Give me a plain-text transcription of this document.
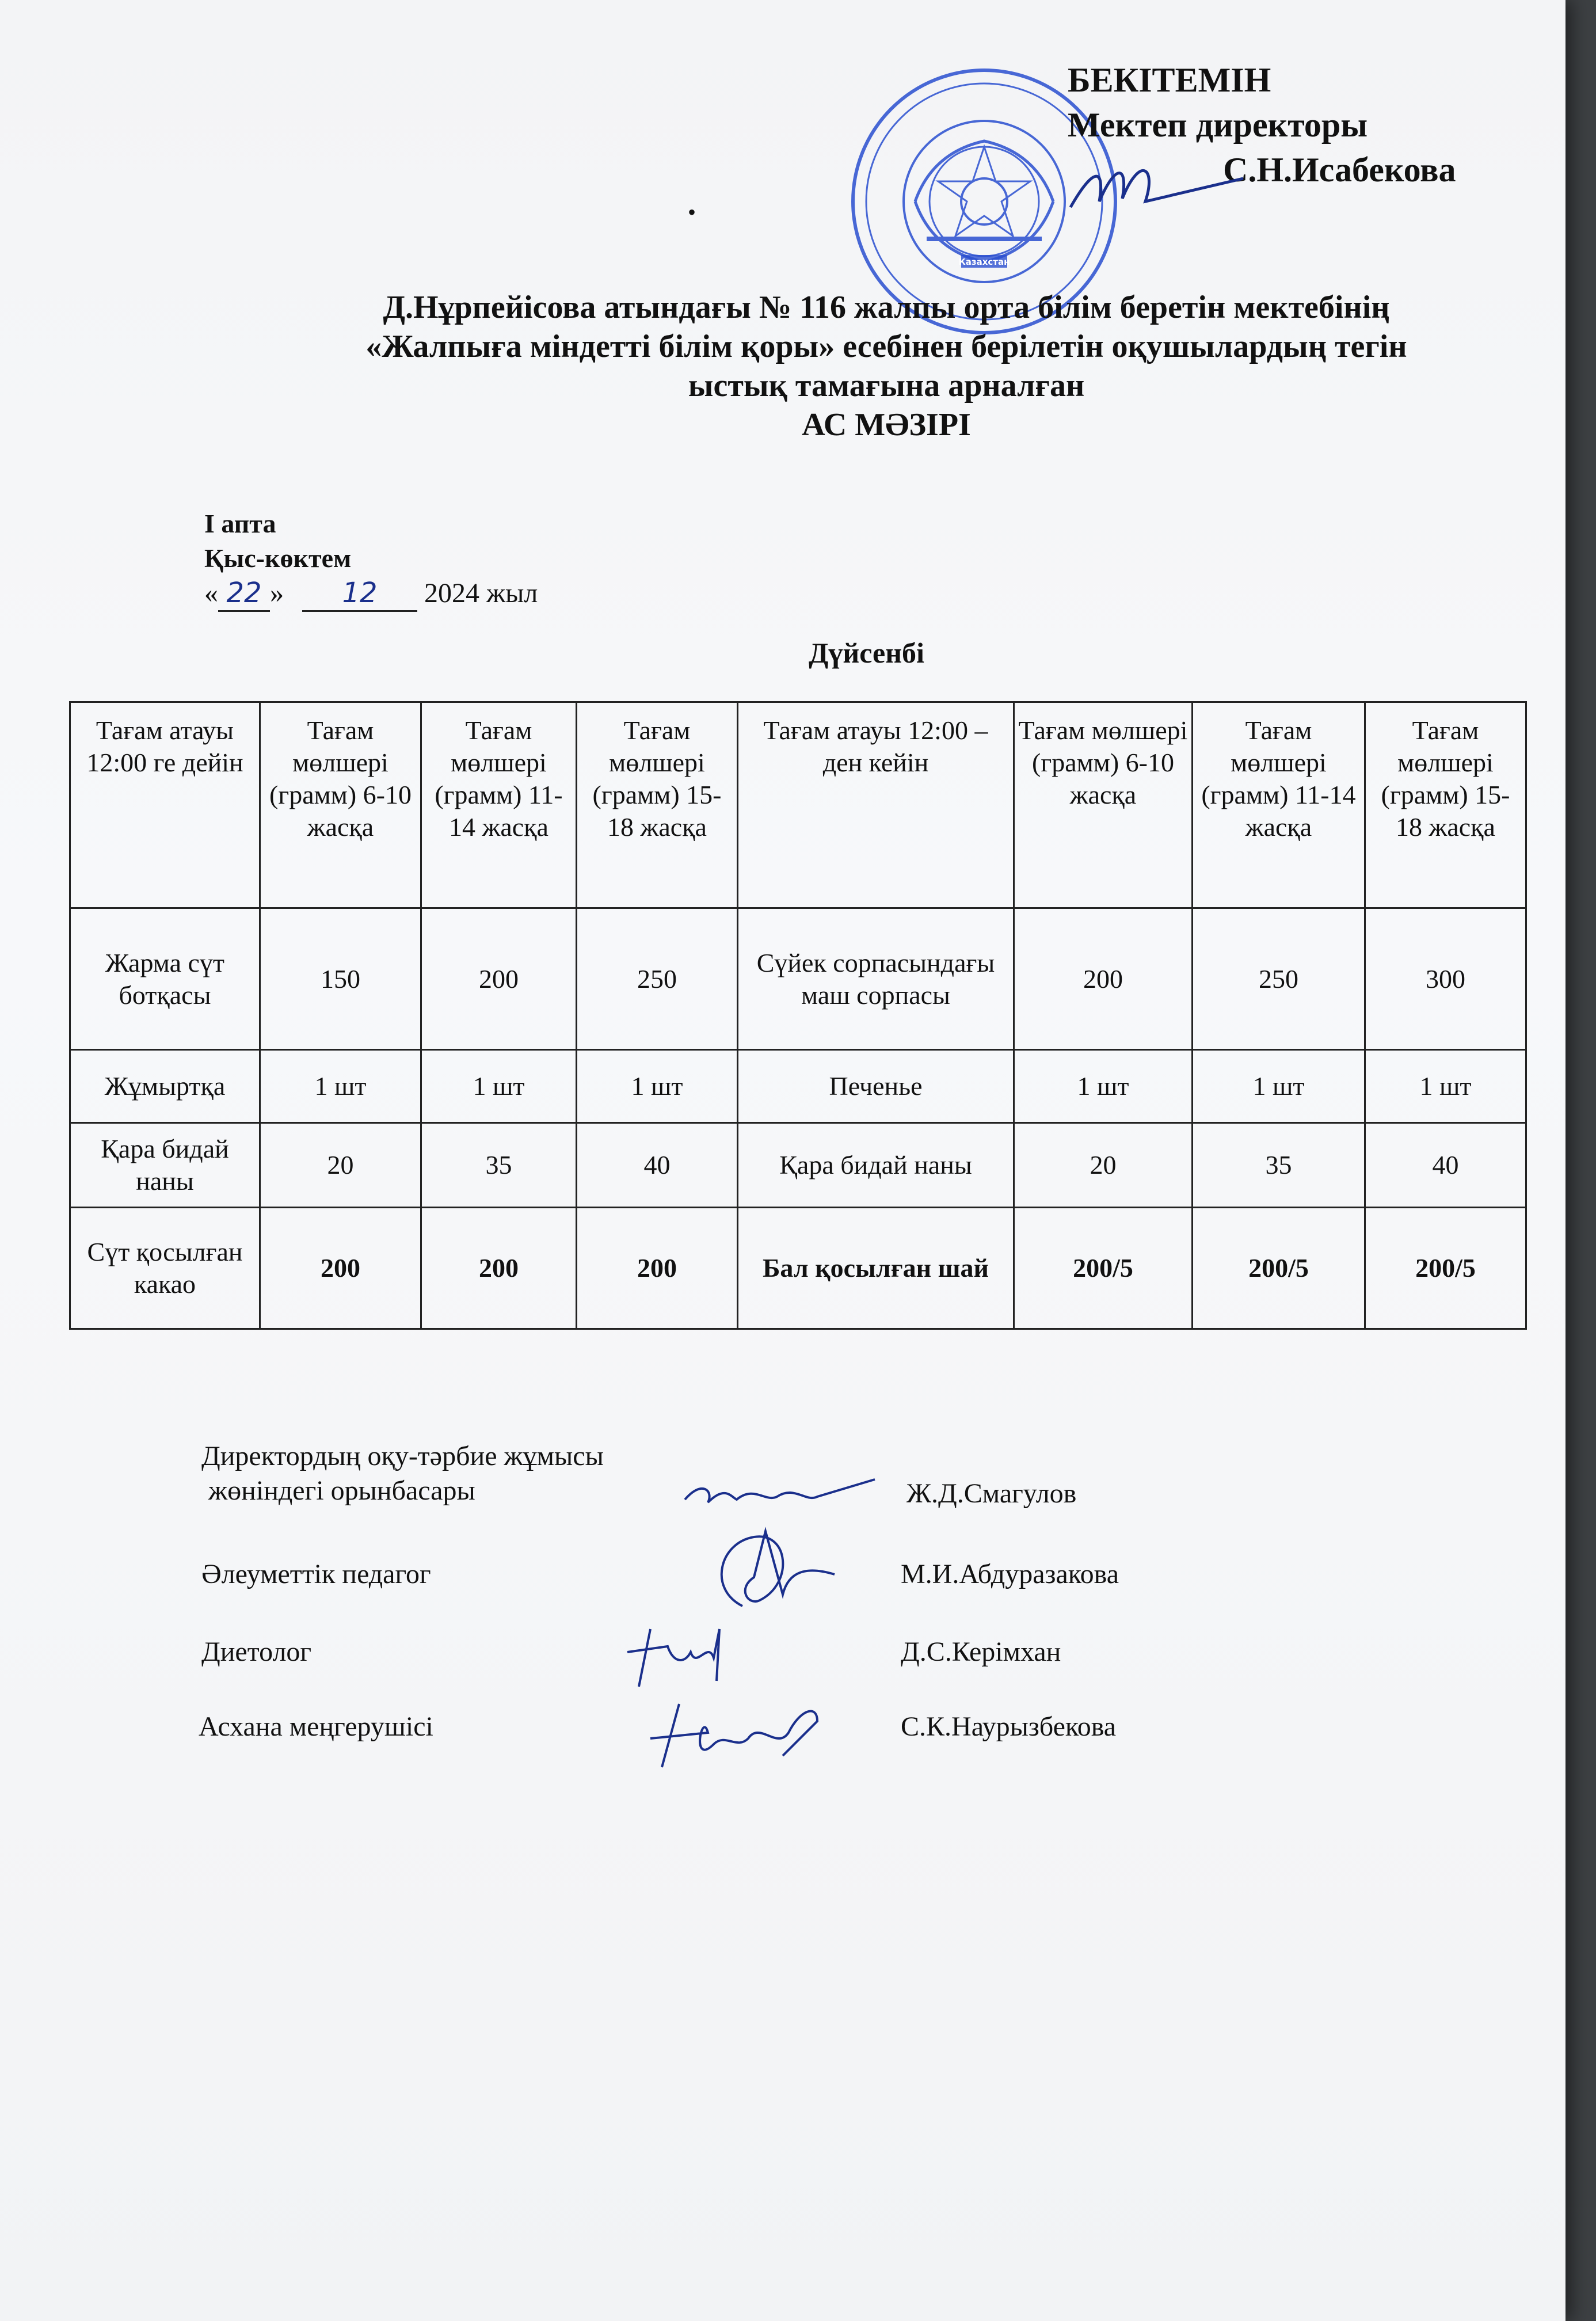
Казахстан
БЕКІТЕМІН
Мектеп директоры
С.Н.Исабекова
•
Д.Нұрпейісова атындағы № 116 жалпы орта білім беретін мектебінің
«Жалпыға міндетті білім қоры» есебінен берілетін оқушылардың тегін
ыстық тамағына арналған
АС МӘЗІРІ
І апта
Қыс-көктем
« 22 » 12 2024 жыл
Дүйсенбі
Тағам атауы 12:00 ге дейін	Тағам мөлшері (грамм) 6-10 жасқа	Тағам мөлшері (грамм) 11-14 жасқа	Тағам мөлшері (грамм) 15-18 жасқа	Тағам атауы 12:00 – ден кейін	Тағам мөлшері (грамм) 6-10 жасқа	Тағам мөлшері (грамм) 11-14 жасқа	Тағам мөлшері (грамм) 15-18 жасқа
Жарма сүт ботқасы	150	200	250	Сүйек сорпасындағы маш сорпасы	200	250	300
Жұмыртқа	1 шт	1 шт	1 шт	Печенье	1 шт	1 шт	1 шт
Қара бидай наны	20	35	40	Қара бидай наны	20	35	40
Сүт қосылған какао	200	200	200	Бал қосылған шай	200/5	200/5	200/5
Директордың оқу-тәрбие жұмысы
жөніндегі орынбасары	Ж.Д.Смагулов
Әлеуметтік педагог	М.И.Абдуразакова
Диетолог	Д.С.Керімхан
Асхана меңгерушісі	С.К.Наурызбекова
